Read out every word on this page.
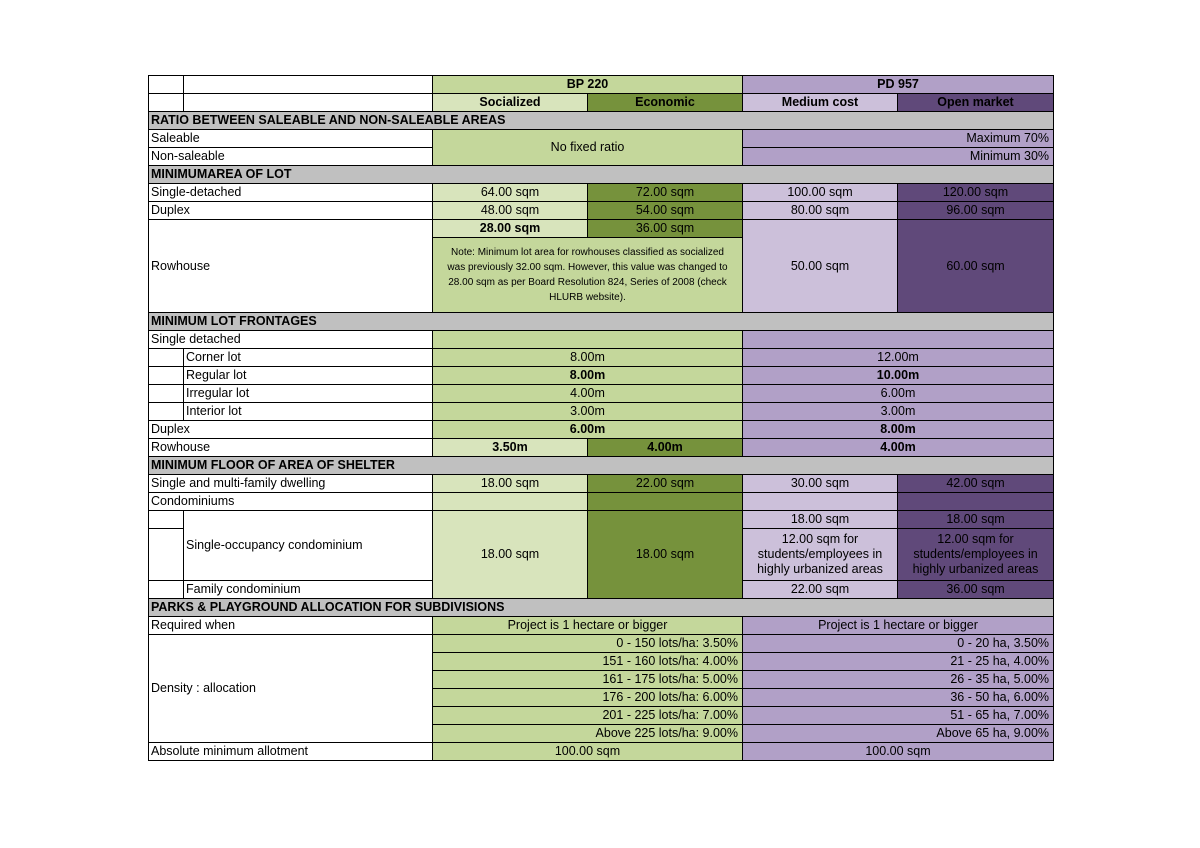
		BP 220		PD 957	
		Socialized	Economic	Medium cost	Open market
RATIO BETWEEN SALEABLE AND NON-SALEABLE AREAS					
Saleable		No fixed ratio		Maximum 70%	
Non-saleable				Minimum 30%	
MINIMUMAREA OF LOT					
Single-detached		64.00 sqm	72.00 sqm	100.00 sqm	120.00 sqm
Duplex		48.00 sqm	54.00 sqm	80.00 sqm	96.00 sqm
Rowhouse		28.00 sqm	36.00 sqm	50.00 sqm	60.00 sqm
		Note: Minimum lot area for rowhouses classified as socialized was previously 32.00 sqm. However, this value was changed to 28.00 sqm as per Board Resolution 824, Series of 2008 (check HLURB website).			
MINIMUM LOT FRONTAGES					
Single detached					
	Corner lot	8.00m		12.00m	
	Regular lot	8.00m		10.00m	
	Irregular lot	4.00m		6.00m	
	Interior lot	3.00m		3.00m	
Duplex		6.00m		8.00m	
Rowhouse		3.50m	4.00m	4.00m	
MINIMUM FLOOR OF AREA OF SHELTER					
Single and multi-family dwelling		18.00 sqm	22.00 sqm	30.00 sqm	42.00 sqm
Condominiums					
	Single-occupancy condominium	18.00 sqm	18.00 sqm	18.00 sqm	18.00 sqm
				12.00 sqm for students/employees in highly urbanized areas	12.00 sqm for students/employees in highly urbanized areas
	Family condominium			22.00 sqm	36.00 sqm
PARKS & PLAYGROUND ALLOCATION FOR SUBDIVISIONS					
Required when		Project is 1 hectare or bigger		Project is 1 hectare or bigger	
Density : allocation		0 - 150 lots/ha: 3.50%		0 - 20 ha, 3.50%	
		151 - 160 lots/ha: 4.00%		21 - 25 ha, 4.00%	
		161 - 175 lots/ha: 5.00%		26 - 35 ha, 5.00%	
		176 - 200 lots/ha: 6.00%		36 - 50 ha, 6.00%	
		201 - 225 lots/ha: 7.00%		51 - 65 ha, 7.00%	
		Above 225 lots/ha: 9.00%		Above 65 ha, 9.00%	
Absolute minimum allotment		100.00 sqm		100.00 sqm	
